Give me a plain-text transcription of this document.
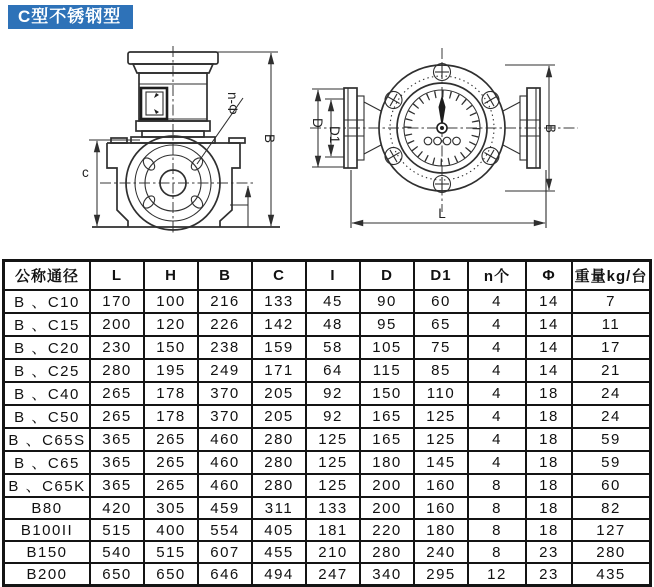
C型不锈钢型
n-Φ
c
B
D
D1	B
L
公称通径	L	H	B	C	I	D	D1	n个	Φ	重量kg/台
B 、C10	170	100	216	133	45	90	60	4	14	7
B 、C15	200	120	226	142	48	95	65	4	14	11
B 、C20	230	150	238	159	58	105	75	4	14	17
B 、C25	280	195	249	171	64	115	85	4	14	21
B 、C40	265	178	370	205	92	150	110	4	18	24
B 、C50	265	178	370	205	92	165	125	4	18	24
B 、C65S	365	265	460	280	125	165	125	4	18	59
B 、C65	365	265	460	280	125	180	145	4	18	59
B 、C65K	365	265	460	280	125	200	160	8	18	60
B80	420	305	459	311	133	200	160	8	18	82
B100II	515	400	554	405	181	220	180	8	18	127
B150	540	515	607	455	210	280	240	8	23	280
B200	650	650	646	494	247	340	295	12	23	435
